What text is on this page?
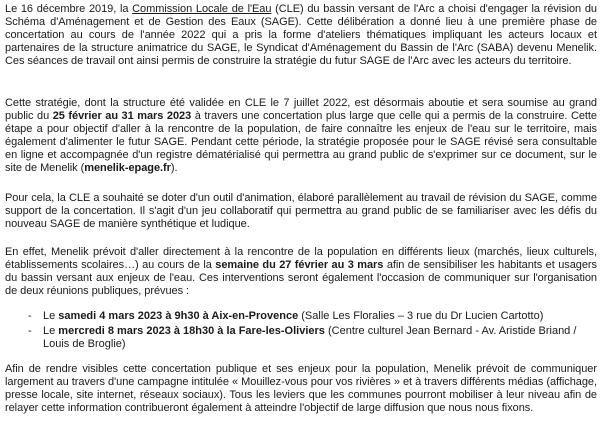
Le 16 décembre 2019, la Commission Locale de l'Eau (CLE) du bassin versant de l'Arc a choisi d'engager la révision du Schéma d'Aménagement et de Gestion des Eaux (SAGE). Cette délibération a donné lieu à une première phase de concertation au cours de l'année 2022 qui a pris la forme d'ateliers thématiques impliquant les acteurs locaux et partenaires de la structure animatrice du SAGE, le Syndicat d'Aménagement du Bassin de l'Arc (SABA) devenu Menelik. Ces séances de travail ont ainsi permis de construire la stratégie du futur SAGE de l'Arc avec les acteurs du territoire.

Cette stratégie, dont la structure été validée en CLE le 7 juillet 2022, est désormais aboutie et sera soumise au grand public du 25 février au 31 mars 2023 à travers une concertation plus large que celle qui a permis de la construire. Cette étape a pour objectif d'aller à la rencontre de la population, de faire connaître les enjeux de l'eau sur le territoire, mais également d'alimenter le futur SAGE. Pendant cette période, la stratégie proposée pour le SAGE révisé sera consultable en ligne et accompagnée d'un registre dématérialisé qui permettra au grand public de s'exprimer sur ce document, sur le site de Menelik (menelik-epage.fr).

Pour cela, la CLE a souhaité se doter d'un outil d'animation, élaboré parallèlement au travail de révision du SAGE, comme support de la concertation. Il s'agit d'un jeu collaboratif qui permettra au grand public de se familiariser avec les défis du nouveau SAGE de manière synthétique et ludique.

En effet, Menelik prévoit d'aller directement à la rencontre de la population en différents lieux (marchés, lieux culturels, établissements scolaires…) au cours de la semaine du 27 février au 3 mars afin de sensibiliser les habitants et usagers du bassin versant aux enjeux de l'eau. Ces interventions seront également l'occasion de communiquer sur l'organisation de deux réunions publiques, prévues :

- Le samedi 4 mars 2023 à 9h30 à Aix-en-Provence (Salle Les Floralies – 3 rue du Dr Lucien Cartotto)
- Le mercredi 8 mars 2023 à 18h30 à la Fare-les-Oliviers (Centre culturel Jean Bernard - Av. Aristide Briand / Louis de Broglie)

Afin de rendre visibles cette concertation publique et ses enjeux pour la population, Menelik prévoit de communiquer largement au travers d'une campagne intitulée « Mouillez-vous pour vos rivières » et à travers différents médias (affichage, presse locale, site internet, réseaux sociaux). Tous les leviers que les communes pourront mobiliser à leur niveau afin de relayer cette information contribueront également à atteindre l'objectif de large diffusion que nous nous fixons.
